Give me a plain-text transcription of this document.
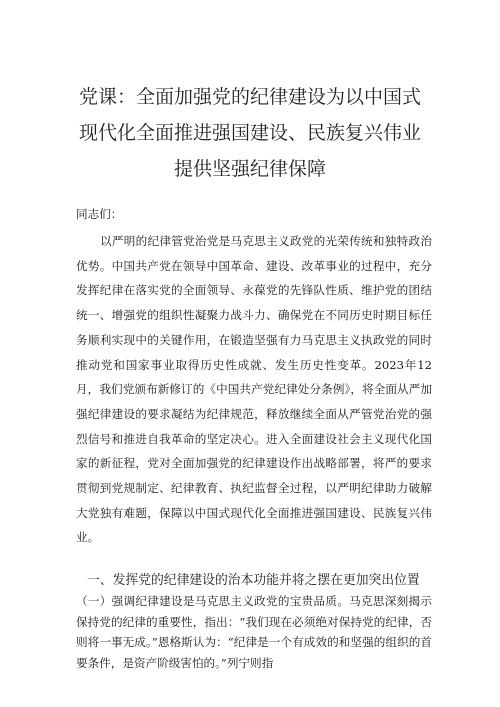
党课：全面加强党的纪律建设为以中国式
现代化全面推进强国建设、民族复兴伟业
提供坚强纪律保障
同志们：
以严明的纪律管党治党是马克思主义政党的光荣传统和独特政治优势。中国共产党在领导中国革命、建设、改革事业的过程中，充分发挥纪律在落实党的全面领导、永葆党的先锋队性质、维护党的团结统一、增强党的组织性凝聚力战斗力、确保党在不同历史时期目标任务顺利实现中的关键作用，在锻造坚强有力马克思主义执政党的同时推动党和国家事业取得历史性成就、发生历史性变革。2023年12月，我们党颁布新修订的《中国共产党纪律处分条例》，将全面从严加强纪律建设的要求凝结为纪律规范，释放继续全面从严管党治党的强烈信号和推进自我革命的坚定决心。进入全面建设社会主义现代化国家的新征程，党对全面加强党的纪律建设作出战略部署，将严的要求贯彻到党规制定、纪律教育、执纪监督全过程，以严明纪律助力破解大党独有难题，保障以中国式现代化全面推进强国建设、民族复兴伟业。
一、发挥党的纪律建设的治本功能并将之摆在更加突出位置
（一）强调纪律建设是马克思主义政党的宝贵品质。马克思深刻揭示保持党的纪律的重要性，指出：“我们现在必须绝对保持党的纪律，否则将一事无成。”恩格斯认为：“纪律是一个有成效的和坚强的组织的首要条件，是资产阶级害怕的。”列宁则指
